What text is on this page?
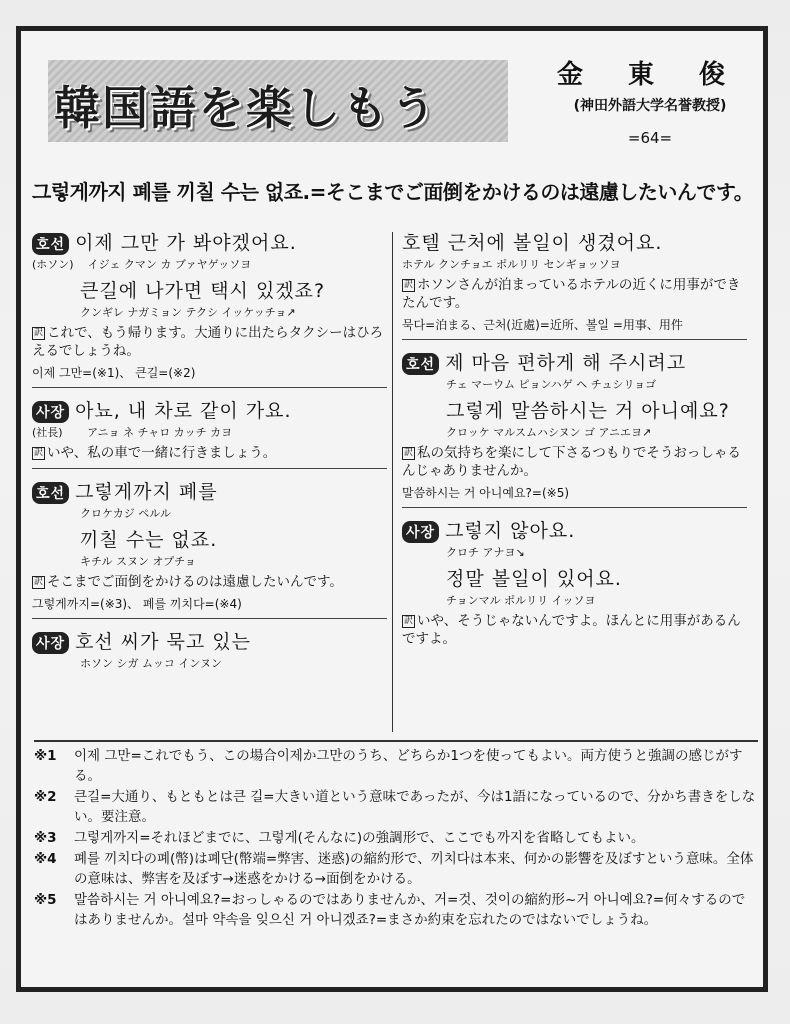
韓国語を楽しもう
金 東 俊
(神田外語大学名誉教授)
=64=
그렇게까지 폐를 끼칠 수는 없죠.=そこまでご面倒をかけるのは遠慮したいんです。
호선 이제 그만 가 봐야겠어요.
(ホソン) イジェ クマン カ ブァヤゲッソヨ
큰길에 나가면 택시 있겠죠?
クンギレ ナガミョン テクシ イッケッチョ↗
訳 これで、もう帰ります。大通りに出たらタクシーはひろえるでしょうね。
이제 그만=(※1)、 큰길=(※2)
사장 아뇨, 내 차로 같이 가요.
(社長) アニョ ネ チャロ カッチ カヨ
訳 いや、私の車で一緒に行きましょう。
호선 그렇게까지 폐를
クロケカジ ペルル
끼칠 수는 없죠.
キチル スヌン オプチョ
訳 そこまでご面倒をかけるのは遠慮したいんです。
그렇게까지=(※3)、 폐를 끼치다=(※4)
사장 호선 씨가 묵고 있는
ホソン シガ ムッコ インヌン
호텔 근처에 볼일이 생겼어요.
ホテル クンチョエ ポルリリ センギョッソヨ
訳 ホソンさんが泊まっているホテルの近くに用事ができたんです。
묵다=泊まる、근처(近處)=近所、볼일 =用事、用件
호선 제 마음 편하게 해 주시려고
チェ マーウム ピョンハゲ ヘ チュシリョゴ
그렇게 말씀하시는 거 아니예요?
クロッケ マルスムハシヌン ゴ アニエヨ↗
訳 私の気持ちを楽にして下さるつもりでそうおっしゃるんじゃありませんか。
말씀하시는 거 아니예요?=(※5)
사장 그렇지 않아요.
クロチ アナヨ↘
정말 볼일이 있어요.
チョンマル ポルリリ イッソヨ
訳 いや、そうじゃないんですよ。ほんとに用事があるんですよ。
※1 이제 그만=これでもう、この場合이제か그만のうち、どちらか1つを使ってもよい。両方使うと強調の感じがする。
※2 큰길=大通り、もともとは큰 길=大きい道という意味であったが、今は1語になっているので、分かち書きをしない。要注意。
※3 그렇게까지=それほどまでに、그렇게(そんなに)の強調形で、ここでも까지を省略してもよい。
※4 폐를 끼치다の폐(幣)は폐단(幣端=弊害、迷惑)の縮約形で、끼치다は本来、何かの影響を及ぼすという意味。全体の意味は、弊害を及ぼす→迷惑をかける→面倒をかける。
※5 말씀하시는 거 아니예요?=おっしゃるのではありませんか、거=것、것이の縮約形~거 아니예요?=何々するのではありませんか。설마 약속을 잊으신 거 아니겠죠?=まさか約束を忘れたのではないでしょうね。
